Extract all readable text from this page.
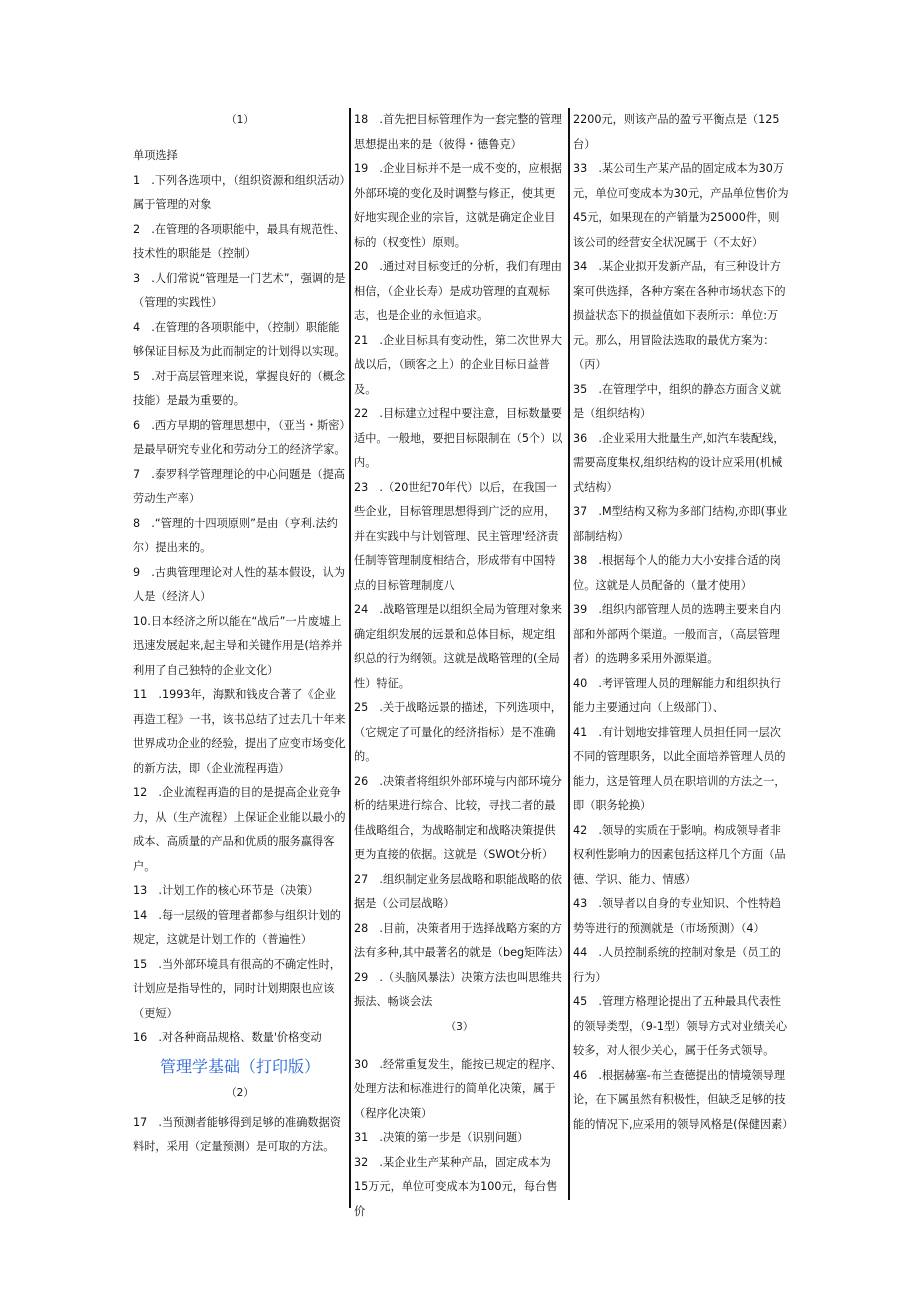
（1）

单项选择

1　.下列各选项中，（组织资源和组织活动）属于管理的对象

2　.在管理的各项职能中，最具有规范性、技术性的职能是（控制）

3　.人们常说“管理是一门艺术”，强调的是（管理的实践性）

4　.在管理的各项职能中，（控制）职能能够保证目标及为此而制定的计划得以实现。

5　.对于高层管理来说，掌握良好的（概念技能）是最为重要的。

6　.西方早期的管理思想中，（亚当・斯密）是最早研究专业化和劳动分工的经济学家。

7　.泰罗科学管理理论的中心问题是（提高劳动生产率）

8　.“管理的十四项原则”是由（亨利.法约尔）提出来的。

9　.古典管理理论对人性的基本假设，认为人是（经济人）

10.日本经济之所以能在“战后”一片废墟上迅速发展起来,起主导和关键作用是(培养并利用了自己独特的企业文化）

11　.1993年，海默和钱皮合著了《企业再造工程》一书，该书总结了过去几十年来世界成功企业的经验，提出了应变市场变化的新方法，即（企业流程再造）

12　.企业流程再造的目的是提高企业竞争力，从（生产流程）上保证企业能以最小的成本、高质量的产品和优质的服务赢得客户。

13　.计划工作的核心环节是（决策）

14　.每一层级的管理者都参与组织计划的规定，这就是计划工作的（普遍性）

15　.当外部环境具有很高的不确定性时，计划应是指导性的，同时计划期限也应该（更短）

16　.对各种商品规格、数量'价格变动

管理学基础（打印版）
（2）

17　.当预测者能够得到足够的准确数据资料时，采用（定量预测）是可取的方法。

18　.首先把目标管理作为一套完整的管理思想提出来的是（彼得・德鲁克）

19　.企业目标并不是一成不变的，应根据外部环境的变化及时调整与修正，使其更好地实现企业的宗旨，这就是确定企业目标的（权变性）原则。

20　.通过对目标变迁的分析，我们有理由相信，（企业长寿）是成功管理的直观标志，也是企业的永恒追求。

21　.企业目标具有变动性，第二次世界大战以后，（顾客之上）的企业目标日益普及。

22　.目标建立过程中要注意，目标数量要适中。一般地，要把目标限制在（5个）以内。

23　.（20世纪70年代）以后，在我国一些企业，目标管理思想得到广泛的应用，并在实践中与计划管理、民主管理'经济责任制等管理制度相结合，形成带有中国特点的目标管理制度八

24　.战略管理是以组织全局为管理对象来确定组织发展的远景和总体目标，规定组织总的行为纲领。这就是战略管理的(全局性）特征。

25　.关于战略远景的描述，下列选项中，（它规定了可量化的经济指标）是不准确的。

26　.决策者将组织外部环境与内部环境分析的结果进行综合、比较，寻找二者的最佳战略组合，为战略制定和战略决策提供更为直接的依据。这就是（SWOt分析）

27　.组织制定业务层战略和职能战略的依据是（公司层战略）

28　.目前，决策者用于选择战略方案的方法有多种,其中最著名的就是（beg矩阵法）

29　.（头脑风暴法）决策方法也叫思维共振法、畅谈会法

（3）

30　.经常重复发生，能按已规定的程序、处理方法和标准进行的简单化决策，属于（程序化决策）

31　.决策的第一步是（识别问题）

32　.某企业生产某种产品，固定成本为15万元，单位可变成本为100元，每台售价

2200元，则该产品的盈亏平衡点是（125台）

33　.某公司生产某产品的固定成本为30万元，单位可变成本为30元，产品单位售价为45元，如果现在的产销量为25000件，则该公司的经营安全状况属于（不太好）

34　.某企业拟开发新产品，有三种设计方案可供选择，各种方案在各种市场状态下的损益状态下的损益值如下表所示：单位:万元。那么，用冒险法选取的最优方案为：（丙）

35　.在管理学中，组织的静态方面含义就是（组织结构）

36　.企业采用大批量生产,如汽车装配线，需要高度集权,组织结构的设计应采用(机械式结构）

37　.M型结构又称为多部门结构,亦即(事业部制结构）

38　.根据每个人的能力大小安排合适的岗位。这就是人员配备的（量才使用）

39　.组织内部管理人员的选聘主要来自内部和外部两个渠道。一般而言，（高层管理者）的选聘多采用外源渠道。

40　.考评管理人员的理解能力和组织执行能力主要通过向（上级部门）、

41　.有计划地安排管理人员担任同一层次不同的管理职务，以此全面培养管理人员的能力，这是管理人员在职培训的方法之一，即（职务轮换）

42　.领导的实质在于影响。构成领导者非权利性影响力的因素包括这样几个方面（品德、学识、能力、情感）

43　.领导者以自身的专业知识、个性特趋势等进行的预测就是（市场预测）（4）

44　.人员控制系统的控制对象是（员工的行为）

45　.管理方格理论提出了五种最具代表性的领导类型，（9-1型）领导方式对业绩关心较多，对人很少关心，属于任务式领导。

46　.根据赫塞-布兰查德提出的情境领导理论，在下属虽然有积极性，但缺乏足够的技能的情况下,应采用的领导风格是(保健因素）
